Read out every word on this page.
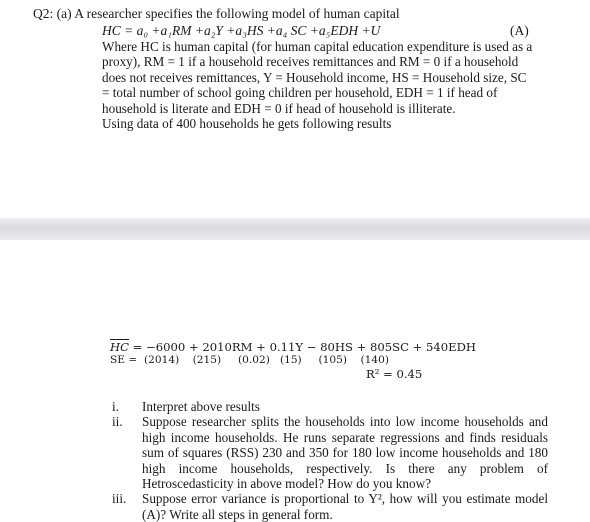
Q2: (a) A researcher specifies the following model of human capital
HC = a₀ +a₁RM +a₂Y +a₃HS +a₄ SC +a₅EDH +U	(A)
Where HC is human capital (for human capital education expenditure is used as a
proxy), RM = 1 if a household receives remittances and RM = 0 if a household
does not receives remittances, Y = Household income, HS = Household size, SC
= total number of school going children per household, EDH = 1 if head of
household is literate and EDH = 0 if head of household is illiterate.
Using data of 400 households he gets following results
$\overline{HC} = -6000 + 2010RM + 0.11Y - 80HS + 805SC + 540EDH$
SE =  (2014)    (215)     (0.02)   (15)     (105)    (140)
R² = 0.45
i. Interpret above results
ii. Suppose researcher splits the households into low income households and high income households. He runs separate regressions and finds residuals sum of squares (RSS) 230 and 350 for 180 low income households and 180 high income households, respectively. Is there any problem of Hetroscedasticity in above model? How do you know?
iii. Suppose error variance is proportional to Y², how will you estimate model (A)? Write all steps in general form.
